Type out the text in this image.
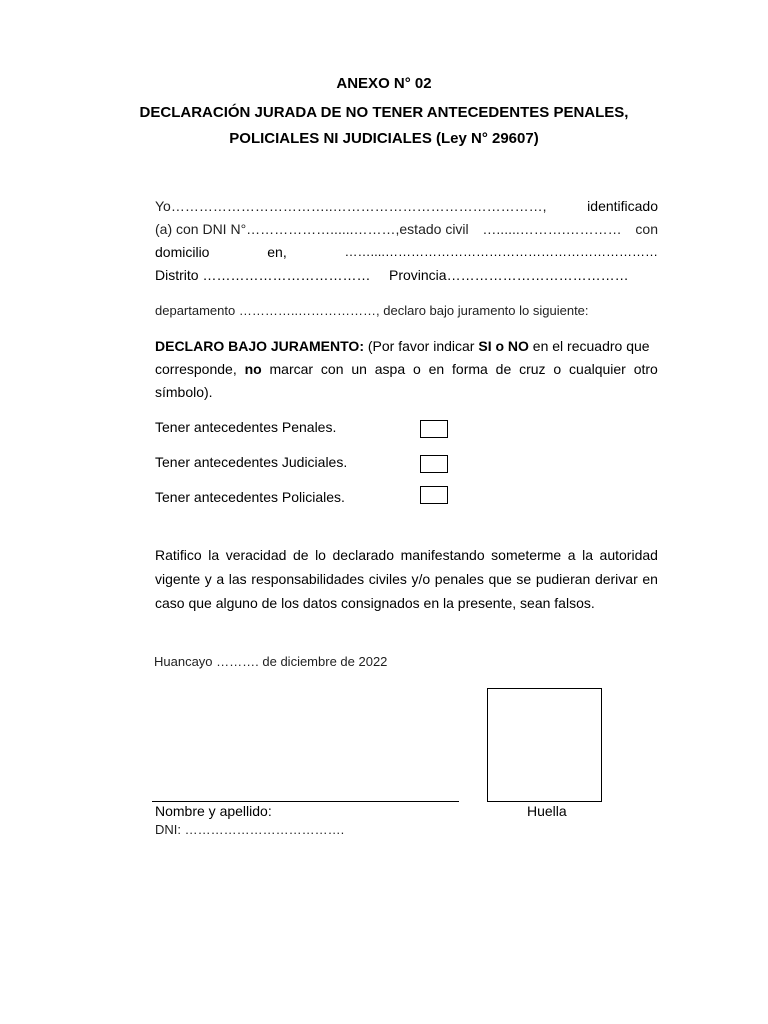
ANEXO N° 02
DECLARACIÓN JURADA DE NO TENER ANTECEDENTES PENALES,
POLICIALES NI JUDICIALES (Ley N° 29607)
Yo……………………………..………………………………………,	identificado
(a) con DNI N°………………......………,estado civil …......……….………… con
domicilio	en,	……....………………………………………………………
Distrito ……………………………… Provincia…………………………………
departamento …………..………………, declaro bajo juramento lo siguiente:
DECLARO BAJO JURAMENTO: (Por favor indicar SI o NO en el recuadro que
corresponde, no marcar con un aspa o en forma de cruz o cualquier otro
símbolo).
Tener antecedentes Penales.
Tener antecedentes Judiciales.
Tener antecedentes Policiales.
Ratifico la veracidad de lo declarado manifestando someterme a la autoridad
vigente y a las responsabilidades civiles y/o penales que se pudieran derivar en
caso que alguno de los datos consignados en la presente, sean falsos.
Huancayo ………. de diciembre de 2022
Nombre y apellido:	Huella
DNI: ……………………………….
